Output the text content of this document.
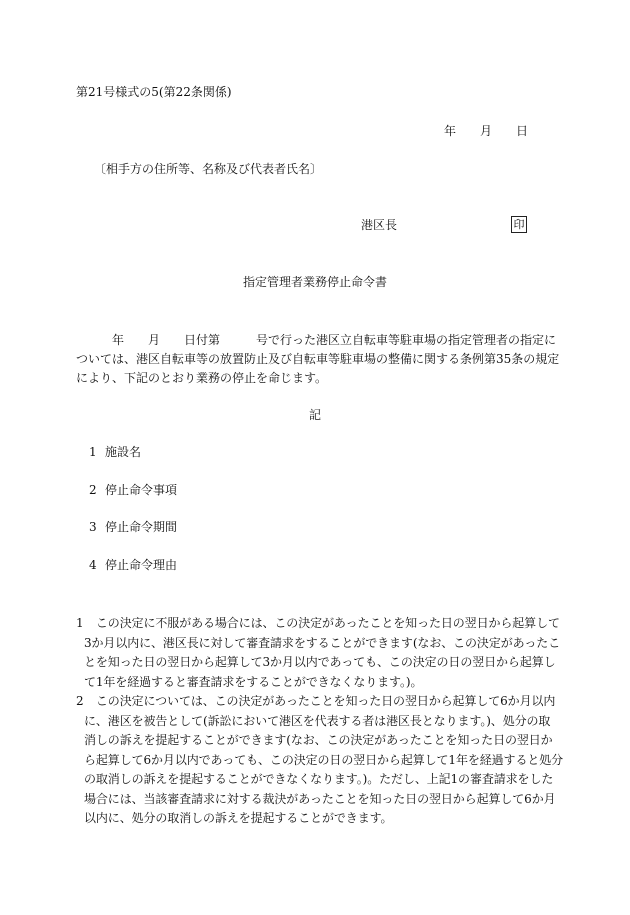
第21号様式の5(第22条関係)
年　　月　　日
〔相手方の住所等、名称及び代表者氏名〕
港区長	印
指定管理者業務停止命令書
　　　年　　月　　日付第　　　号で行った港区立自転車等駐車場の指定管理者の指定に
ついては、港区自転車等の放置防止及び自転車等駐車場の整備に関する条例第35条の規定
により、下記のとおり業務の停止を命じます。
記
1 施設名
2 停止命令事項
3 停止命令期間
4 停止命令理由
1 　この決定に不服がある場合には、この決定があったことを知った日の翌日から起算して
3か月以内に、港区長に対して審査請求をすることができます(なお、この決定があったこ
とを知った日の翌日から起算して3か月以内であっても、この決定の日の翌日から起算し
て1年を経過すると審査請求をすることができなくなります。)。
2 　この決定については、この決定があったことを知った日の翌日から起算して6か月以内
に、港区を被告として(訴訟において港区を代表する者は港区長となります。)、処分の取
消しの訴えを提起することができます(なお、この決定があったことを知った日の翌日か
ら起算して6か月以内であっても、この決定の日の翌日から起算して1年を経過すると処分
の取消しの訴えを提起することができなくなります。)。ただし、上記1の審査請求をした
場合には、当該審査請求に対する裁決があったことを知った日の翌日から起算して6か月
以内に、処分の取消しの訴えを提起することができます。
